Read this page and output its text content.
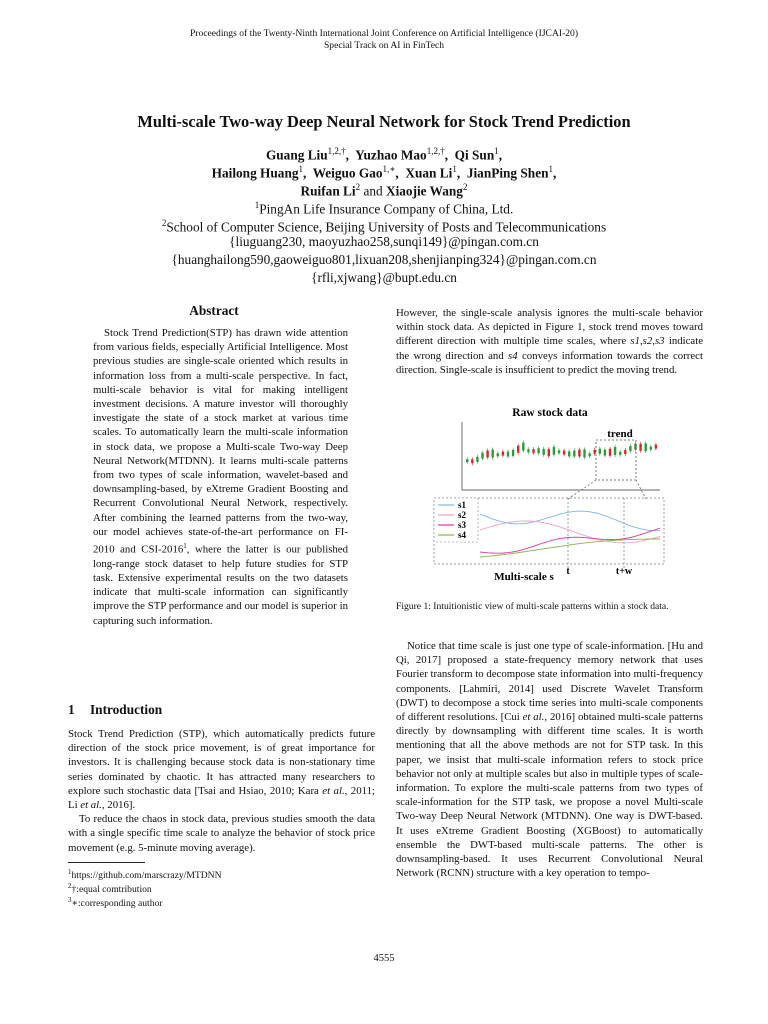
Proceedings of the Twenty-Ninth International Joint Conference on Artificial Intelligence (IJCAI-20)
Special Track on AI in FinTech
Multi-scale Two-way Deep Neural Network for Stock Trend Prediction
Guang Liu$^{1,2,\dagger}$,  Yuzhao Mao$^{1,2,\dagger}$,  Qi Sun$^1$,
Hailong Huang$^1$,  Weiguo Gao$^{1,∗}$,  Xuan Li$^1$,  JianPing Shen$^1$,
Ruifan Li$^2$ and Xiaojie Wang$^2$
$^1$PingAn Life Insurance Company of China, Ltd.
$^2$School of Computer Science, Beijing University of Posts and Telecommunications
{liuguang230, maoyuzhao258,sunqi149}@pingan.com.cn
{huanghailong590,gaoweiguo801,lixuan208,shenjianping324}@pingan.com.cn
{rfli,xjwang}@bupt.edu.cn
Abstract

Stock Trend Prediction(STP) has drawn wide attention from various fields, especially Artificial Intelligence. Most previous studies are single-scale oriented which results in information loss from a multi-scale perspective. In fact, multi-scale behavior is vital for making intelligent investment decisions. A mature investor will thoroughly investigate the state of a stock market at various time scales. To automatically learn the multi-scale information in stock data, we propose a Multi-scale Two-way Deep Neural Network(MTDNN). It learns multi-scale patterns from two types of scale information, wavelet-based and downsampling-based, by eXtreme Gradient Boosting and Recurrent Convolutional Neural Network, respectively. After combining the learned patterns from the two-way, our model achieves state-of-the-art performance on FI-2010 and CSI-2016$^1$, where the latter is our published long-range stock dataset to help future studies for STP task. Extensive experimental results on the two datasets indicate that multi-scale information can significantly improve the STP performance and our model is superior in capturing such information.

1 Introduction

Stock Trend Prediction (STP), which automatically predicts future direction of the stock price movement, is of great importance for investors. It is challenging because stock data is non-stationary time series dominated by chaotic. It has attracted many researchers to explore such stochastic data [Tsai and Hsiao, 2010; Kara et al., 2011; Li et al., 2016].

To reduce the chaos in stock data, previous studies smooth the data with a single specific time scale to analyze the behavior of stock price movement (e.g. 5-minute moving average).

$^1$https://github.com/marscrazy/MTDNN
$^2$†:equal comtribution
$^3$∗:corresponding author

However, the single-scale analysis ignores the multi-scale behavior within stock data. As depicted in Figure 1, stock trend moves toward different direction with multiple time scales, where s1,s2,s3 indicate the wrong direction and s4 conveys information towards the correct direction. Single-scale is insufficient to predict the moving trend.

Raw stock data
trend
s1
s2
s3
s4
Multi-scale s t	t+w
Figure 1: Intuitionistic view of multi-scale patterns within a stock data.

Notice that time scale is just one type of scale-information. [Hu and Qi, 2017] proposed a state-frequency memory network that uses Fourier transform to decompose state information into multi-frequency components. [Lahmiri, 2014] used Discrete Wavelet Transform (DWT) to decompose a stock time series into multi-scale components of different resolutions. [Cui et al., 2016] obtained multi-scale patterns directly by downsampling with different time scales. It is worth mentioning that all the above methods are not for STP task. In this paper, we insist that multi-scale information refers to stock price behavior not only at multiple scales but also in multiple types of scale-information. To explore the multi-scale patterns from two types of scale-information for the STP task, we propose a novel Multi-scale Two-way Deep Neural Network (MTDNN). One way is DWT-based. It uses eXtreme Gradient Boosting (XGBoost) to automatically ensemble the DWT-based multi-scale patterns. The other is downsampling-based. It uses Recurrent Convolutional Neural Network (RCNN) structure with a key operation to tempo-

4555
